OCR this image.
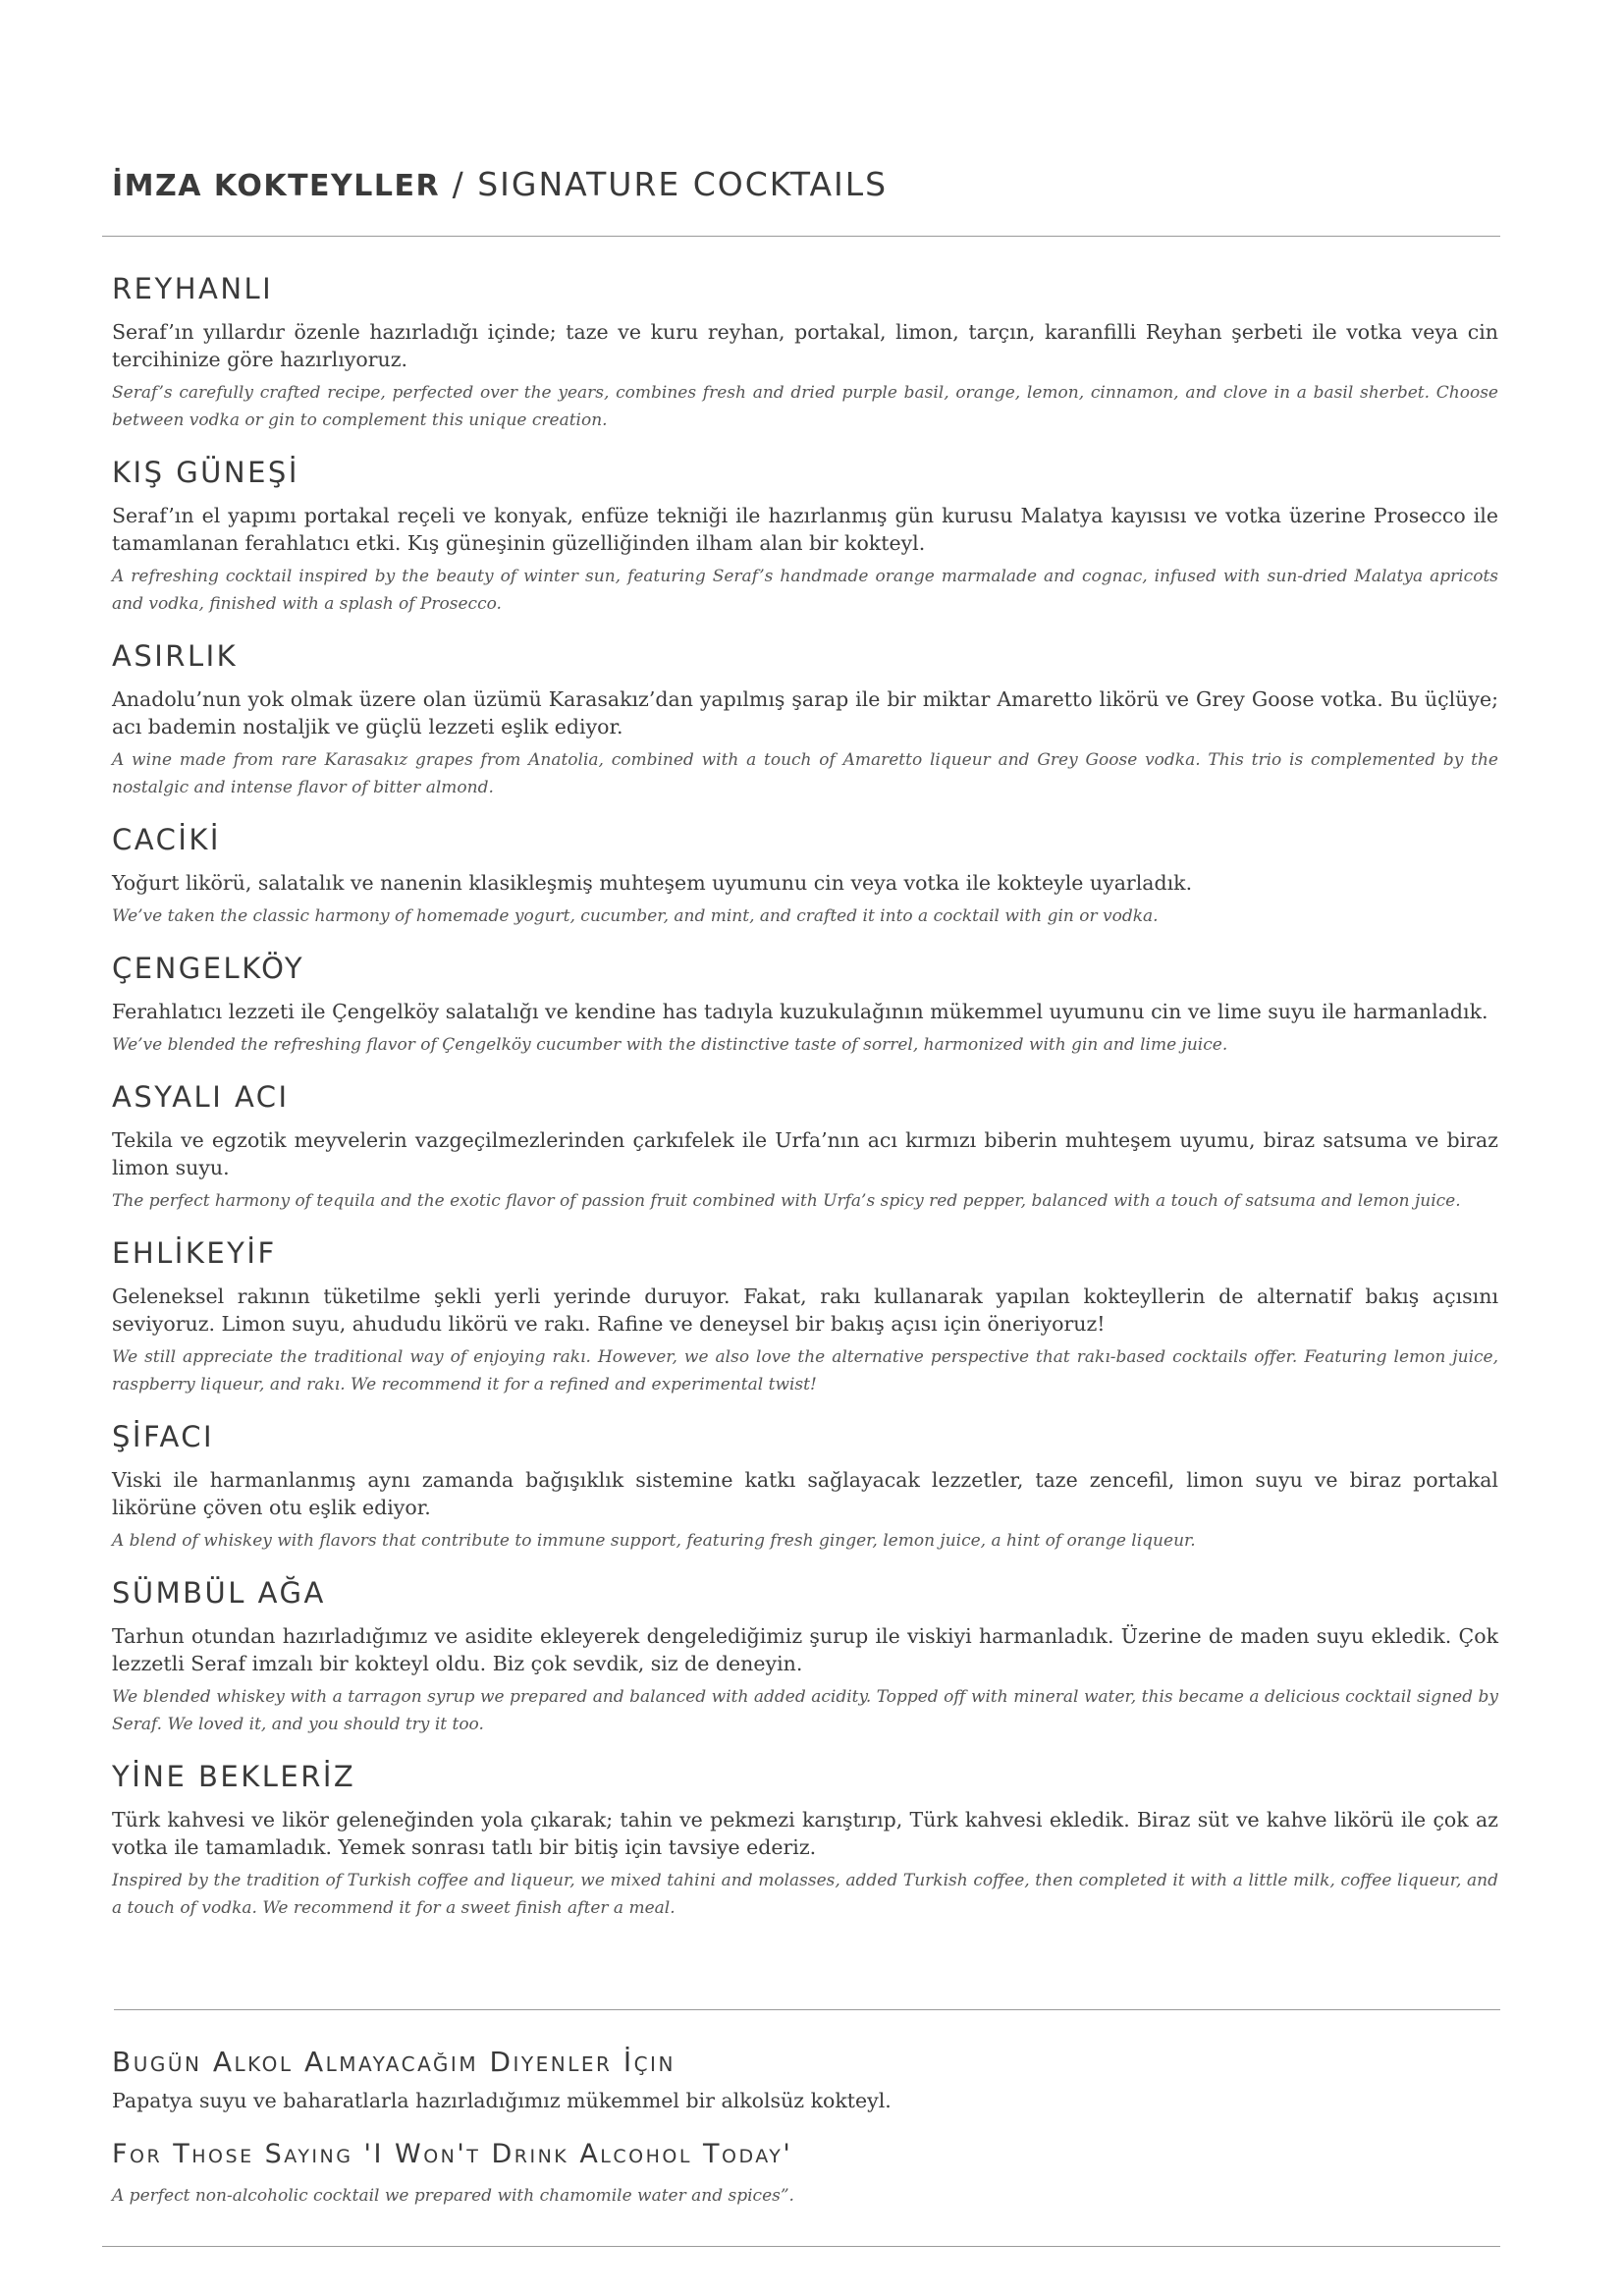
İMZA KOKTEYLLER / SIGNATURE COCKTAILS
REYHANLI

Seraf’ın yıllardır özenle hazırladığı içinde; taze ve kuru reyhan, portakal, limon, tarçın, karanfilli Reyhan şerbeti ile votka veya cin tercihinize göre hazırlıyoruz.

Seraf’s carefully crafted recipe, perfected over the years, combines fresh and dried purple basil, orange, lemon, cinnamon, and clove in a basil sherbet. Choose between vodka or gin to complement this unique creation.

KIŞ GÜNEŞİ

Seraf’ın el yapımı portakal reçeli ve konyak, enfüze tekniği ile hazırlanmış gün kurusu Malatya kayısısı ve votka üzerine Prosecco ile tamamlanan ferahlatıcı etki. Kış güneşinin güzelliğinden ilham alan bir kokteyl.

A refreshing cocktail inspired by the beauty of winter sun, featuring Seraf’s handmade orange marmalade and cognac, infused with sun-dried Malatya apricots and vodka, finished with a splash of Prosecco.

ASIRLIK

Anadolu’nun yok olmak üzere olan üzümü Karasakız’dan yapılmış şarap ile bir miktar Amaretto likörü ve Grey Goose votka. Bu üçlüye; acı bademin nostaljik ve güçlü lezzeti eşlik ediyor.

A wine made from rare Karasakız grapes from Anatolia, combined with a touch of Amaretto liqueur and Grey Goose vodka. This trio is complemented by the nostalgic and intense flavor of bitter almond.

CACİKİ

Yoğurt likörü, salatalık ve nanenin klasikleşmiş muhteşem uyumunu cin veya votka ile kokteyle uyarladık.

We’ve taken the classic harmony of homemade yogurt, cucumber, and mint, and crafted it into a cocktail with gin or vodka.

ÇENGELKÖY

Ferahlatıcı lezzeti ile Çengelköy salatalığı ve kendine has tadıyla kuzukulağının mükemmel uyumunu cin ve lime suyu ile harmanladık.

We’ve blended the refreshing flavor of Çengelköy cucumber with the distinctive taste of sorrel, harmonized with gin and lime juice.

ASYALI ACI

Tekila ve egzotik meyvelerin vazgeçilmezlerinden çarkıfelek ile Urfa’nın acı kırmızı biberin muhteşem uyumu, biraz satsuma ve biraz limon suyu.

The perfect harmony of tequila and the exotic flavor of passion fruit combined with Urfa’s spicy red pepper, balanced with a touch of satsuma and lemon juice.

EHLİKEYİF

Geleneksel rakının tüketilme şekli yerli yerinde duruyor. Fakat, rakı kullanarak yapılan kokteyllerin de alternatif bakış açısını seviyoruz. Limon suyu, ahududu likörü ve rakı. Rafine ve deneysel bir bakış açısı için öneriyoruz!

We still appreciate the traditional way of enjoying rakı. However, we also love the alternative perspective that rakı-based cocktails offer. Featuring lemon juice, raspberry liqueur, and rakı. We recommend it for a refined and experimental twist!

ŞİFACI

Viski ile harmanlanmış aynı zamanda bağışıklık sistemine katkı sağlayacak lezzetler, taze zencefil, limon suyu ve biraz portakal likörüne çöven otu eşlik ediyor.

A blend of whiskey with flavors that contribute to immune support, featuring fresh ginger, lemon juice, a hint of orange liqueur.

SÜMBÜL AĞA

Tarhun otundan hazırladığımız ve asidite ekleyerek dengelediğimiz şurup ile viskiyi harmanladık. Üzerine de maden suyu ekledik. Çok lezzetli Seraf imzalı bir kokteyl oldu. Biz çok sevdik, siz de deneyin.

We blended whiskey with a tarragon syrup we prepared and balanced with added acidity. Topped off with mineral water, this became a delicious cocktail signed by Seraf. We loved it, and you should try it too.

YİNE BEKLERİZ

Türk kahvesi ve likör geleneğinden yola çıkarak; tahin ve pekmezi karıştırıp, Türk kahvesi ekledik. Biraz süt ve kahve likörü ile çok az votka ile tamamladık. Yemek sonrası tatlı bir bitiş için tavsiye ederiz.

Inspired by the tradition of Turkish coffee and liqueur, we mixed tahini and molasses, added Turkish coffee, then completed it with a little milk, coffee liqueur, and a touch of vodka. We recommend it for a sweet finish after a meal.

Bugün Alkol Almayacağım Diyenler İçin

Papatya suyu ve baharatlarla hazırladığımız mükemmel bir alkolsüz kokteyl.

For Those Saying 'I Won't Drink Alcohol Today'

A perfect non-alcoholic cocktail we prepared with chamomile water and spices”.
